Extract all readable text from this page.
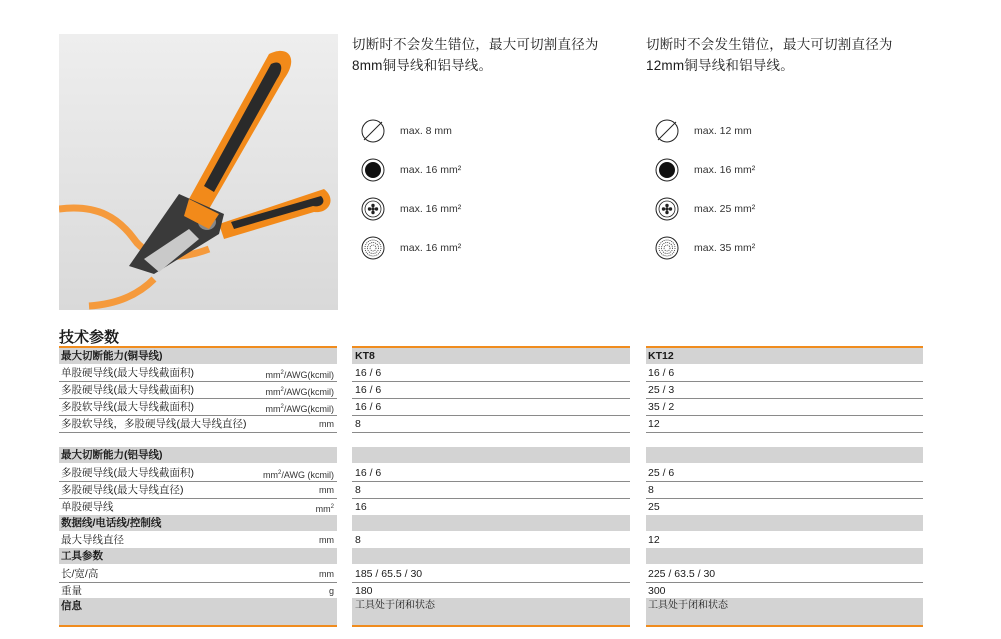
切断时不会发生错位，最大可切割直径为
8mm铜导线和铝导线。
切断时不会发生错位，最大可切割直径为
12mm铜导线和铝导线。
max. 8 mm
max. 16 mm²
max. 16 mm²
max. 16 mm²
max. 12 mm
max. 16 mm²
max. 25 mm²
max. 35 mm²
技术参数
最大切断能力(铜导线)	KT8	KT12
单股硬导线(最大导线截面积)	$mm^2/AWG(kcmil)$ 16 / 6	16 / 6
多股硬导线(最大导线截面积)	$mm^2/AWG(kcmil)$ 16 / 6	25 / 3
多股软导线(最大导线截面积)	$mm^2/AWG(kcmil)$ 16 / 6	35 / 2
多股软导线，多股硬导线(最大导线直径)	mm 8	12
最大切断能力(铝导线)
多股硬导线(最大导线截面积)	$mm^2$/AWG (kcmil) 16 / 6	25 / 6
多股硬导线(最大导线直径)	mm 8	8
单股硬导线	$mm^2$ 16	25
数据线/电话线/控制线
最大导线直径	mm 8	12
工具参数
长/宽/高	mm 185 / 65.5 / 30	225 / 63.5 / 30
重量	g 180	300
信息	工具处于闭和状态	工具处于闭和状态
